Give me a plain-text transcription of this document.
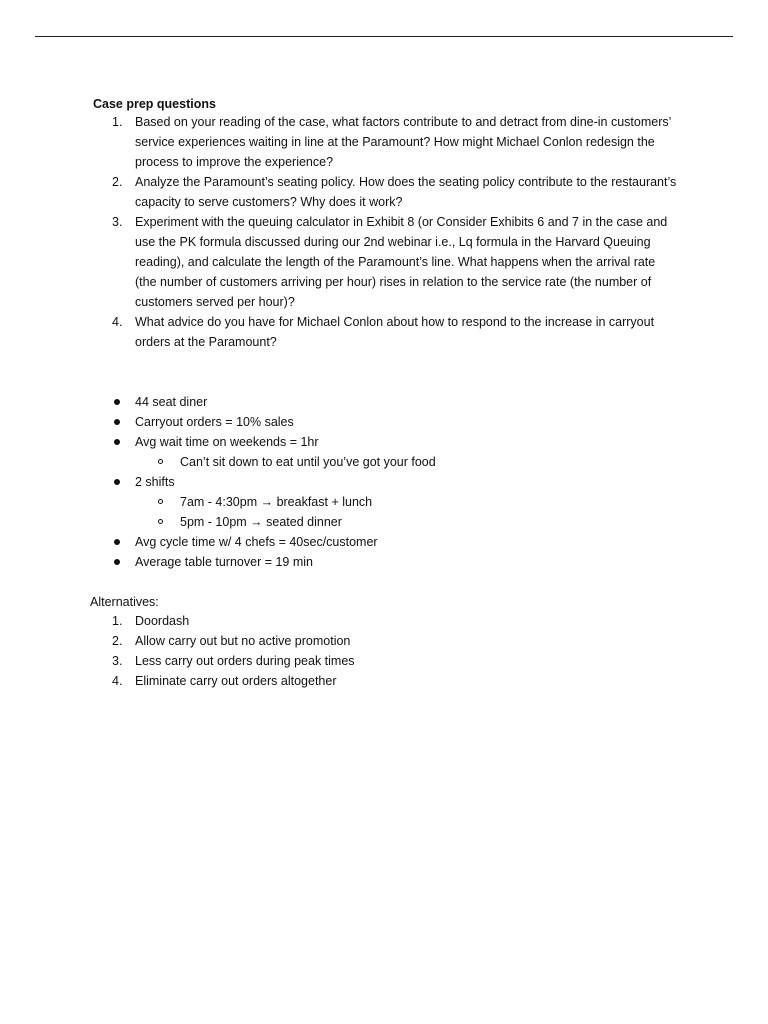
Case prep questions
1. Based on your reading of the case, what factors contribute to and detract from dine-in customers’ service experiences waiting in line at the Paramount? How might Michael Conlon redesign the process to improve the experience?
2. Analyze the Paramount’s seating policy. How does the seating policy contribute to the restaurant’s capacity to serve customers? Why does it work?
3. Experiment with the queuing calculator in Exhibit 8 (or Consider Exhibits 6 and 7 in the case and use the PK formula discussed during our 2nd webinar i.e., Lq formula in the Harvard Queuing reading), and calculate the length of the Paramount’s line. What happens when the arrival rate (the number of customers arriving per hour) rises in relation to the service rate (the number of customers served per hour)?
4. What advice do you have for Michael Conlon about how to respond to the increase in carryout orders at the Paramount?
44 seat diner
Carryout orders = 10% sales
Avg wait time on weekends = 1hr
Can’t sit down to eat until you’ve got your food
2 shifts
7am - 4:30pm → breakfast + lunch
5pm - 10pm → seated dinner
Avg cycle time w/ 4 chefs = 40sec/customer
Average table turnover = 19 min
Alternatives:
1. Doordash
2. Allow carry out but no active promotion
3. Less carry out orders during peak times
4. Eliminate carry out orders altogether
